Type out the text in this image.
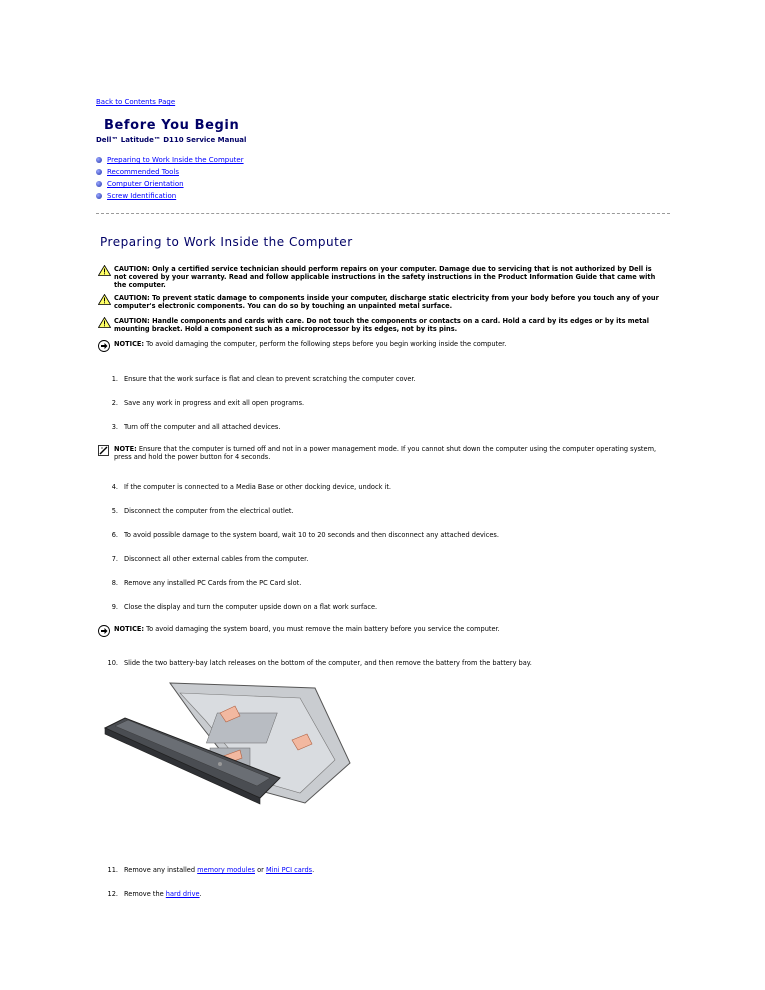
Back to Contents Page
Before You Begin
Dell™ Latitude™ D110 Service Manual
Preparing to Work Inside the Computer
Recommended Tools
Computer Orientation
Screw Identification
Preparing to Work Inside the Computer
CAUTION: Only a certified service technician should perform repairs on your computer. Damage due to servicing that is not authorized by Dell is not covered by your warranty. Read and follow applicable instructions in the safety instructions in the Product Information Guide that came with the computer.
CAUTION: To prevent static damage to components inside your computer, discharge static electricity from your body before you touch any of your computer's electronic components. You can do so by touching an unpainted metal surface.
CAUTION: Handle components and cards with care. Do not touch the components or contacts on a card. Hold a card by its edges or by its metal mounting bracket. Hold a component such as a microprocessor by its edges, not by its pins.
NOTICE: To avoid damaging the computer, perform the following steps before you begin working inside the computer.
1. Ensure that the work surface is flat and clean to prevent scratching the computer cover.
2. Save any work in progress and exit all open programs.
3. Turn off the computer and all attached devices.
NOTE: Ensure that the computer is turned off and not in a power management mode. If you cannot shut down the computer using the computer operating system, press and hold the power button for 4 seconds.
4. If the computer is connected to a Media Base or other docking device, undock it.
5. Disconnect the computer from the electrical outlet.
6. To avoid possible damage to the system board, wait 10 to 20 seconds and then disconnect any attached devices.
7. Disconnect all other external cables from the computer.
8. Remove any installed PC Cards from the PC Card slot.
9. Close the display and turn the computer upside down on a flat work surface.
NOTICE: To avoid damaging the system board, you must remove the main battery before you service the computer.
10. Slide the two battery-bay latch releases on the bottom of the computer, and then remove the battery from the battery bay.
11. Remove any installed memory modules or Mini PCI cards.
12. Remove the hard drive.
